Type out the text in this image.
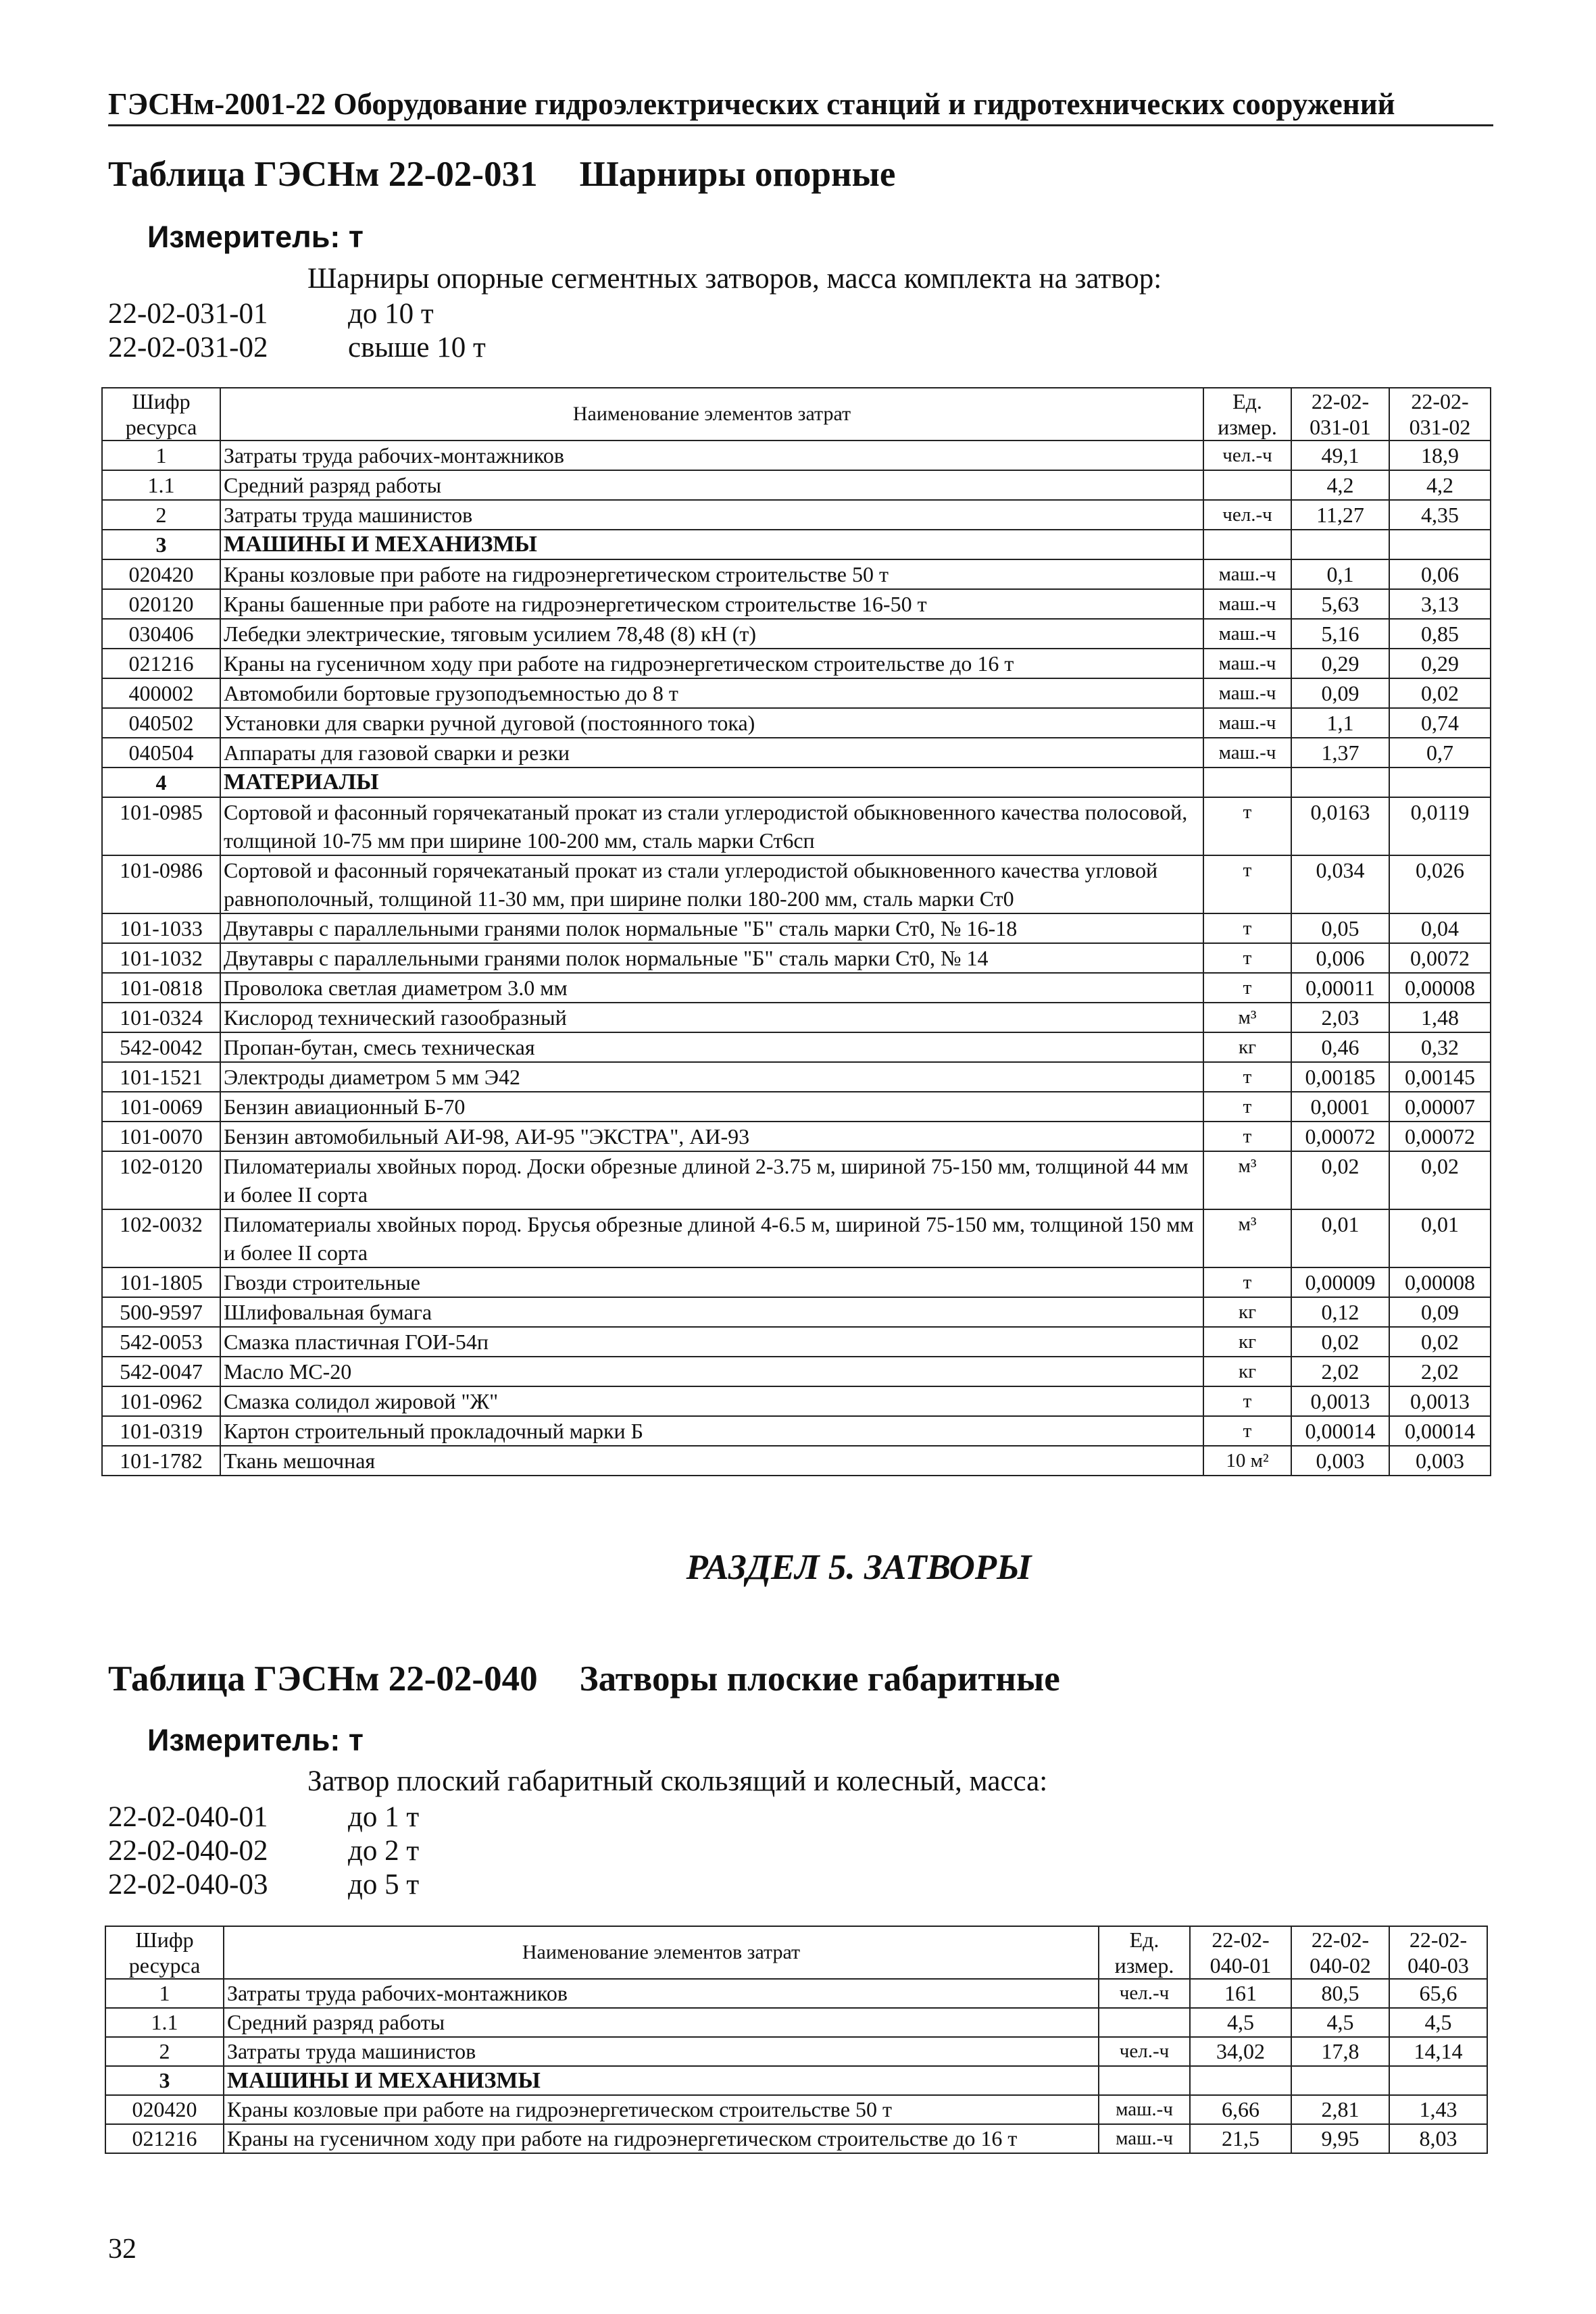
ГЭСНм-2001-22 Оборудование гидроэлектрических станций и гидротехнических сооружений
Таблица ГЭСНм 22-02-031 Шарниры опорные
Измеритель: т
Шарниры опорные сегментных затворов, масса комплекта на затвор:
22-02-031-01	до 10 т
22-02-031-02	свыше 10 т
Шифр ресурса	Наименование элементов затрат	Ед. измер.	22-02-031-01	22-02-031-02
1	Затраты труда рабочих-монтажников	чел.-ч	49,1	18,9
1.1	Средний разряд работы		4,2	4,2
2	Затраты труда машинистов	чел.-ч	11,27	4,35
3	МАШИНЫ И МЕХАНИЗМЫ			
020420	Краны козловые при работе на гидроэнергетическом строительстве 50 т	маш.-ч	0,1	0,06
020120	Краны башенные при работе на гидроэнергетическом строительстве 16-50 т	маш.-ч	5,63	3,13
030406	Лебедки электрические, тяговым усилием 78,48 (8) кН (т)	маш.-ч	5,16	0,85
021216	Краны на гусеничном ходу при работе на гидроэнергетическом строительстве до 16 т	маш.-ч	0,29	0,29
400002	Автомобили бортовые грузоподъемностью до 8 т	маш.-ч	0,09	0,02
040502	Установки для сварки ручной дуговой (постоянного тока)	маш.-ч	1,1	0,74
040504	Аппараты для газовой сварки и резки	маш.-ч	1,37	0,7
4	МАТЕРИАЛЫ			
101-0985	Сортовой и фасонный горячекатаный прокат из стали углеродистой обыкновенного качества полосовой, толщиной 10-75 мм при ширине 100-200 мм, сталь марки Ст6сп	т	0,0163	0,0119
101-0986	Сортовой и фасонный горячекатаный прокат из стали углеродистой обыкновенного качества угловой равнополочный, толщиной 11-30 мм, при ширине полки 180-200 мм, сталь марки Ст0	т	0,034	0,026
101-1033	Двутавры с параллельными гранями полок нормальные "Б" сталь марки Ст0, № 16-18	т	0,05	0,04
101-1032	Двутавры с параллельными гранями полок нормальные "Б" сталь марки Ст0, № 14	т	0,006	0,0072
101-0818	Проволока светлая диаметром 3.0 мм	т	0,00011	0,00008
101-0324	Кислород технический газообразный	м³	2,03	1,48
542-0042	Пропан-бутан, смесь техническая	кг	0,46	0,32
101-1521	Электроды диаметром 5 мм Э42	т	0,00185	0,00145
101-0069	Бензин авиационный Б-70	т	0,0001	0,00007
101-0070	Бензин автомобильный АИ-98, АИ-95 "ЭКСТРА", АИ-93	т	0,00072	0,00072
102-0120	Пиломатериалы хвойных пород. Доски обрезные длиной 2-3.75 м, шириной 75-150 мм, толщиной 44 мм и более II сорта	м³	0,02	0,02
102-0032	Пиломатериалы хвойных пород. Брусья обрезные длиной 4-6.5 м, шириной 75-150 мм, толщиной 150 мм и более II сорта	м³	0,01	0,01
101-1805	Гвозди строительные	т	0,00009	0,00008
500-9597	Шлифовальная бумага	кг	0,12	0,09
542-0053	Смазка пластичная ГОИ-54п	кг	0,02	0,02
542-0047	Масло МС-20	кг	2,02	2,02
101-0962	Смазка солидол жировой "Ж"	т	0,0013	0,0013
101-0319	Картон строительный прокладочный марки Б	т	0,00014	0,00014
101-1782	Ткань мешочная	10 м²	0,003	0,003
РАЗДЕЛ 5. ЗАТВОРЫ
Таблица ГЭСНм 22-02-040 Затворы плоские габаритные
Измеритель: т
Затвор плоский габаритный скользящий и колесный, масса:
22-02-040-01	до 1 т
22-02-040-02	до 2 т
22-02-040-03	до 5 т
Шифр ресурса	Наименование элементов затрат	Ед. измер.	22-02-040-01	22-02-040-02	22-02-040-03
1	Затраты труда рабочих-монтажников	чел.-ч	161	80,5	65,6
1.1	Средний разряд работы		4,5	4,5	4,5
2	Затраты труда машинистов	чел.-ч	34,02	17,8	14,14
3	МАШИНЫ И МЕХАНИЗМЫ				
020420	Краны козловые при работе на гидроэнергетическом строительстве 50 т	маш.-ч	6,66	2,81	1,43
021216	Краны на гусеничном ходу при работе на гидроэнергетическом строительстве до 16 т	маш.-ч	21,5	9,95	8,03
32
